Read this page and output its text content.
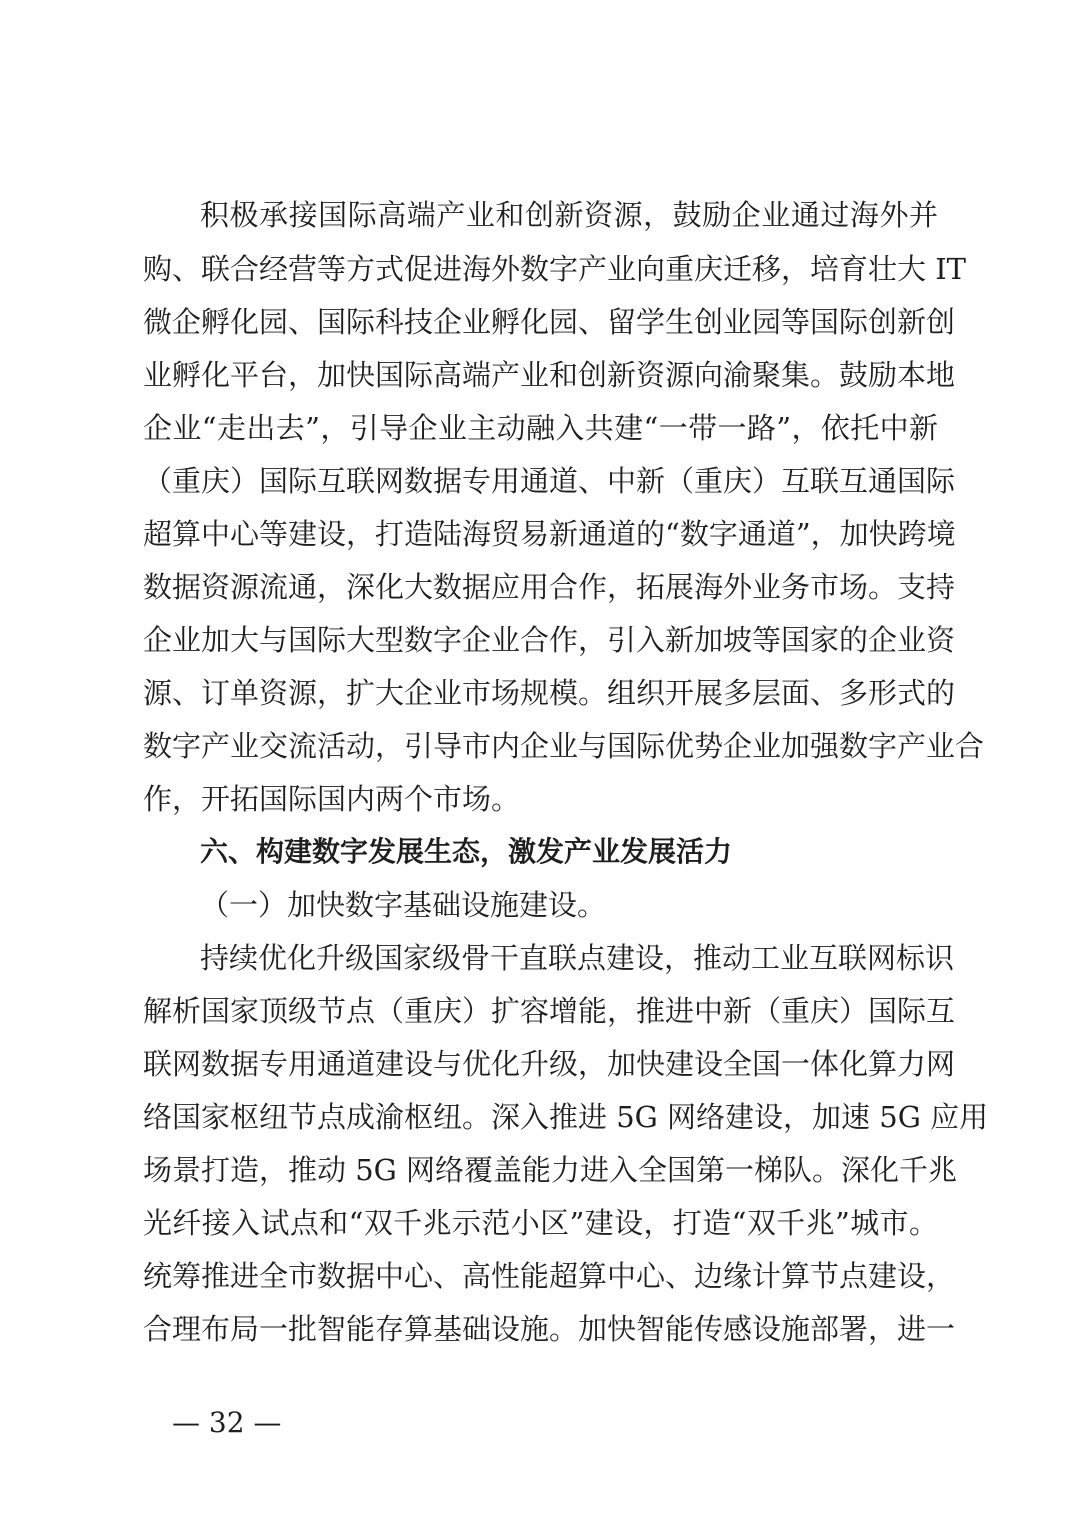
积极承接国际高端产业和创新资源，鼓励企业通过海外并
购、联合经营等方式促进海外数字产业向重庆迁移，培育壮大 IT
微企孵化园、国际科技企业孵化园、留学生创业园等国际创新创
业孵化平台，加快国际高端产业和创新资源向渝聚集。鼓励本地
企业“走出去”，引导企业主动融入共建“一带一路”，依托中新
（重庆）国际互联网数据专用通道、中新（重庆）互联互通国际
超算中心等建设，打造陆海贸易新通道的“数字通道”，加快跨境
数据资源流通，深化大数据应用合作，拓展海外业务市场。支持
企业加大与国际大型数字企业合作，引入新加坡等国家的企业资
源、订单资源，扩大企业市场规模。组织开展多层面、多形式的
数字产业交流活动，引导市内企业与国际优势企业加强数字产业合
作，开拓国际国内两个市场。
六、构建数字发展生态，激发产业发展活力
（一）加快数字基础设施建设。
持续优化升级国家级骨干直联点建设，推动工业互联网标识
解析国家顶级节点（重庆）扩容增能，推进中新（重庆）国际互
联网数据专用通道建设与优化升级，加快建设全国一体化算力网
络国家枢纽节点成渝枢纽。深入推进 5G 网络建设，加速 5G 应用
场景打造，推动 5G 网络覆盖能力进入全国第一梯队。深化千兆
光纤接入试点和“双千兆示范小区”建设，打造“双千兆”城市。
统筹推进全市数据中心、高性能超算中心、边缘计算节点建设，
合理布局一批智能存算基础设施。加快智能传感设施部署，进一
— 32 —
